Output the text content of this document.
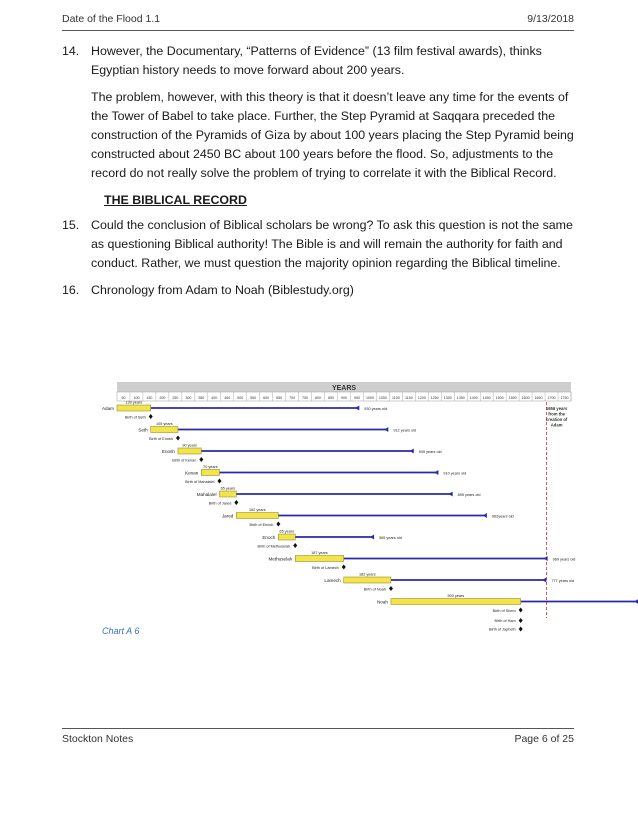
Date of the Flood 1.1	9/13/2018
14. However, the Documentary, “Patterns of Evidence” (13 film festival awards), thinks Egyptian history needs to move forward about 200 years.
The problem, however, with this theory is that it doesn’t leave any time for the events of the Tower of Babel to take place. Further, the Step Pyramid at Saqqara preceded the construction of the Pyramids of Giza by about 100 years placing the Step Pyramid being constructed about 2450 BC about 100 years before the flood. So, adjustments to the record do not really solve the problem of trying to correlate it with the Biblical Record.
THE BIBLICAL RECORD
15. Could the conclusion of Biblical scholars be wrong? To ask this question is not the same as questioning Biblical authority! The Bible is and will remain the authority for faith and conduct. Rather, we must question the majority opinion regarding the Biblical timeline.
16. Chronology from Adam to Noah (Biblestudy.org)
YEARS
50 100 150 200 250 300 350 400 450 500 550 600 650 700 750 800 850 900 950 1000 1050 1100 1150 1200 1250 1300 1350 1400 1450 1500 1550 1600 1650 1700 1750
1656 years
from the
creation of
Adam
Adam
130 years
930 years old
Birth of Seth
Seth
105 years
912 years old
Birth of Enosh
Enosh
90 years
905 years old
Birth of Kenan
Kenan
70 years
910 years old
Birth of Mahalalel
Mahalalel
65 years
895 years old
Birth of Jared
Jared
162 years
962years old
Birth of Enoch
Enoch
65 years
365 years old
Birth of Methuselah
Methuselah
187 years
969 years old
Birth of Lamech
Lamech
182 years
777 years old
Birth of Noah
Noah
500 years
Birth of Shem
Birth of Ham
Birth of Japheth
Chart A 6
Stockton Notes	Page 6 of 25
